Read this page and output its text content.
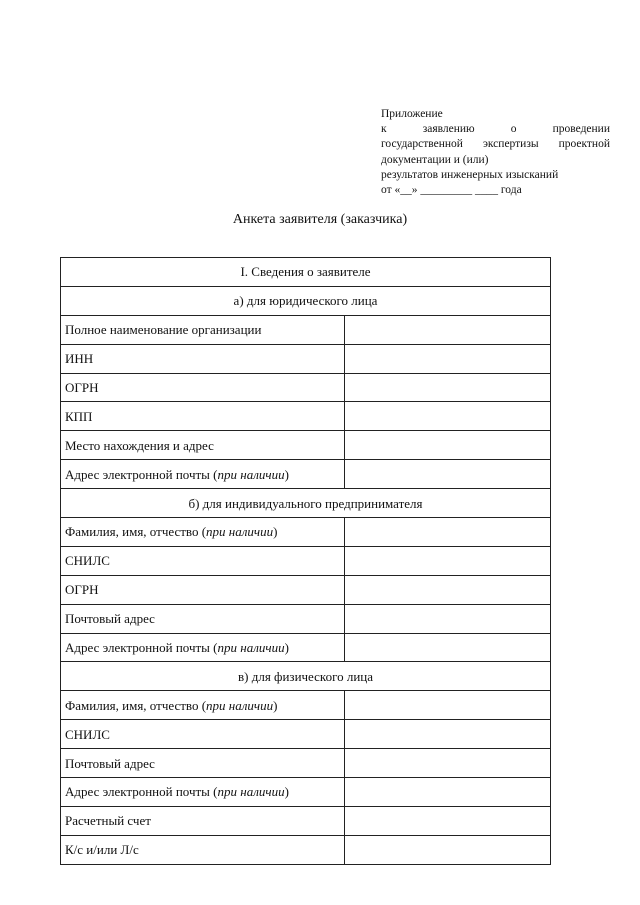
Приложение
к заявлению о проведении
государственной экспертизы проектной
документации и (или)
результатов инженерных изысканий
от «__» _________ ____ года
Анкета заявителя (заказчика)
I. Сведения о заявителе	
а) для юридического лица	
Полное наименование организации	
ИНН	
ОГРН	
КПП	
Место нахождения и адрес	
Адрес электронной почты (при наличии)	
б) для индивидуального предпринимателя	
Фамилия, имя, отчество (при наличии)	
СНИЛС	
ОГРН	
Почтовый адрес	
Адрес электронной почты (при наличии)	
в) для физического лица	
Фамилия, имя, отчество (при наличии)	
СНИЛС	
Почтовый адрес	
Адрес электронной почты (при наличии)	
Расчетный счет	
К/с и/или Л/с	
